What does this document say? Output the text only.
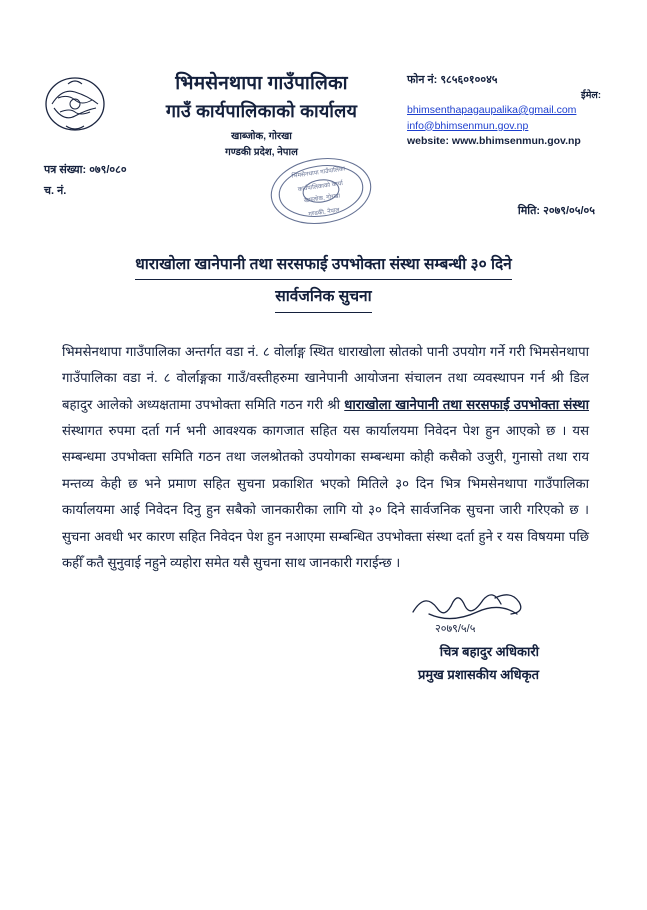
भिमसेनथापा गाउँपालिका
गाउँ कार्यपालिकाको कार्यालय
खाब्जोक, गोरखा
गण्डकी प्रदेश, नेपाल
फोन नं: ९८५६०१००४५
ईमेल:
bhimsenthapagaupalika@gmail.com
info@bhimsenmun.gov.np
website: www.bhimsenmun.gov.np
पत्र संख्या: ०७९/०८०
च. नं.
भिमसेनथापा गाउँपालिका
कार्यपालिकाको कार्या
खाब्जोक, गोरखा
गण्डकी, नेपाल	मिति: २०७९/०५/०५
धाराखोला खानेपानी तथा सरसफाई उपभोक्ता संस्था सम्बन्धी ३० दिने
सार्वजनिक सुचना
भिमसेनथापा गाउँपालिका अन्तर्गत वडा नं. ८ वोर्लाङ्ग स्थित धाराखोला स्रोतको पानी उपयोग गर्ने गरी भिमसेनथापा गाउँपालिका वडा नं. ८ वोर्लाङ्गका गाउँ/वस्तीहरुमा खानेपानी आयोजना संचालन तथा व्यवस्थापन गर्न श्री डिल बहादुर आलेको अध्यक्षतामा उपभोक्ता समिति गठन गरी श्री धाराखोला खानेपानी तथा सरसफाई उपभोक्ता संस्था संस्थागत रुपमा दर्ता गर्न भनी आवश्यक कागजात सहित यस कार्यालयमा निवेदन पेश हुन आएको छ । यस सम्बन्धमा उपभोक्ता समिति गठन तथा जलश्रोतको उपयोगका सम्बन्धमा कोही कसैको उजुरी, गुनासो तथा राय मन्तव्य केही छ भने प्रमाण सहित सुचना प्रकाशित भएको मितिले ३० दिन भित्र भिमसेनथापा गाउँपालिका कार्यालयमा आई निवेदन दिनु हुन सबैको जानकारीका लागि यो ३० दिने सार्वजनिक सुचना जारी गरिएको छ । सुचना अवधी भर कारण सहित निवेदन पेश हुन नआएमा सम्बन्धित उपभोक्ता संस्था दर्ता हुने र यस विषयमा पछि कहीँ कतै सुनुवाई नहुने व्यहोरा समेत यसै सुचना साथ जानकारी गराईन्छ ।
२०७९/५/५
चित्र बहादुर अधिकारी
प्रमुख प्रशासकीय अधिकृत
